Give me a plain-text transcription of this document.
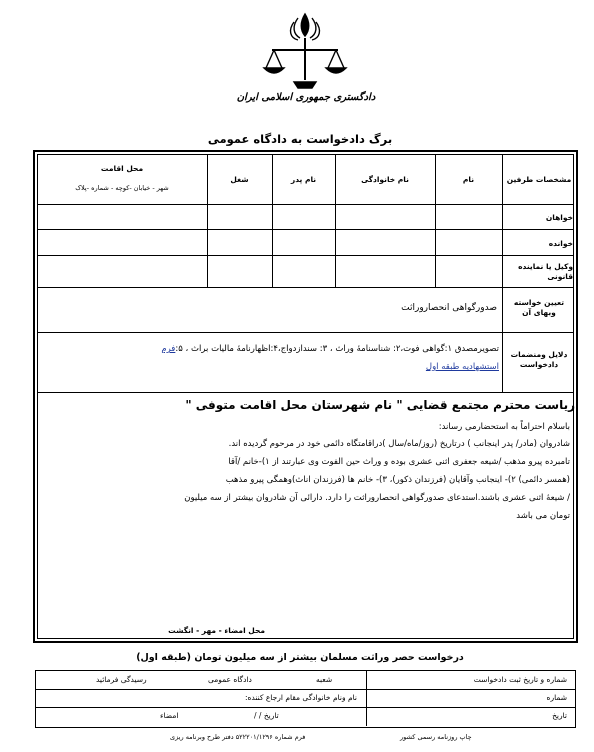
دادگستری جمهوری اسلامی ایران
برگ دادخواست به دادگاه عمومی
مشخصات طرفین
نام
نام خانوادگی
نام پدر
شغل
محل اقامت
شهر - خیابان -کوچه - شماره -پلاک
خواهان
خوانده
وکیل یا نماینده قانونی
تعیین خواسته وبهای آن
دلایل ومنضمات دادخواست
صدورگواهی انحصاروراثت
تصویرمصدق ۱:گواهی فوت،۲: شناسنامهٔ وراث ، ۳: سندازدواج،۴:اظهارنامهٔ مالیات براث ، ۵:فرم
استشهادیه طبقه اول
ریاست محترم مجتمع قضایی " نام شهرستان محل اقامت متوفی "
باسلام احتراماً به استحضارمی رساند:
شادروان (مادر/ پدر اینجانب ) درتاریخ (روز/ماه/سال )دراقامتگاه دائمی خود در مرحوم گردیده اند.
تامبرده پیرو مذهب /شیعه جعفری اثنی عشری بوده و وراث حین الفوت وی عبارتند از ۱)-خانم /آقا
(همسر دائمی) ۲)- اینجانب وآقایان (فرزندان ذکور)، ۳)- خانم ها (فرزندان اناث)وهمگی پیرو مذهب
/ شیعهٔ اثنی عشری باشند.استدعای صدورگواهی انحصاروراثت را دارد. دارائی آن شادروان بیشتر از سه میلیون
تومان می باشد
محل امضاء - مهر - انگشت
درخواست حصر وراثت مسلمان بیشتر از سه میلیون تومان (طبقه اول)
شماره و تاریخ ثبت دادخواست
شماره
تاریخ
شعبه
دادگاه عمومی
رسیدگی فرمائید
نام ونام خانوادگی مقام ارجاع کننده:
تاریخ / /
امضاء
فرم شماره ۵۲۲۲۰۱/۱۲۹۶ دفتر طرح وبرنامه ریزی	چاپ روزنامه رسمی کشور
